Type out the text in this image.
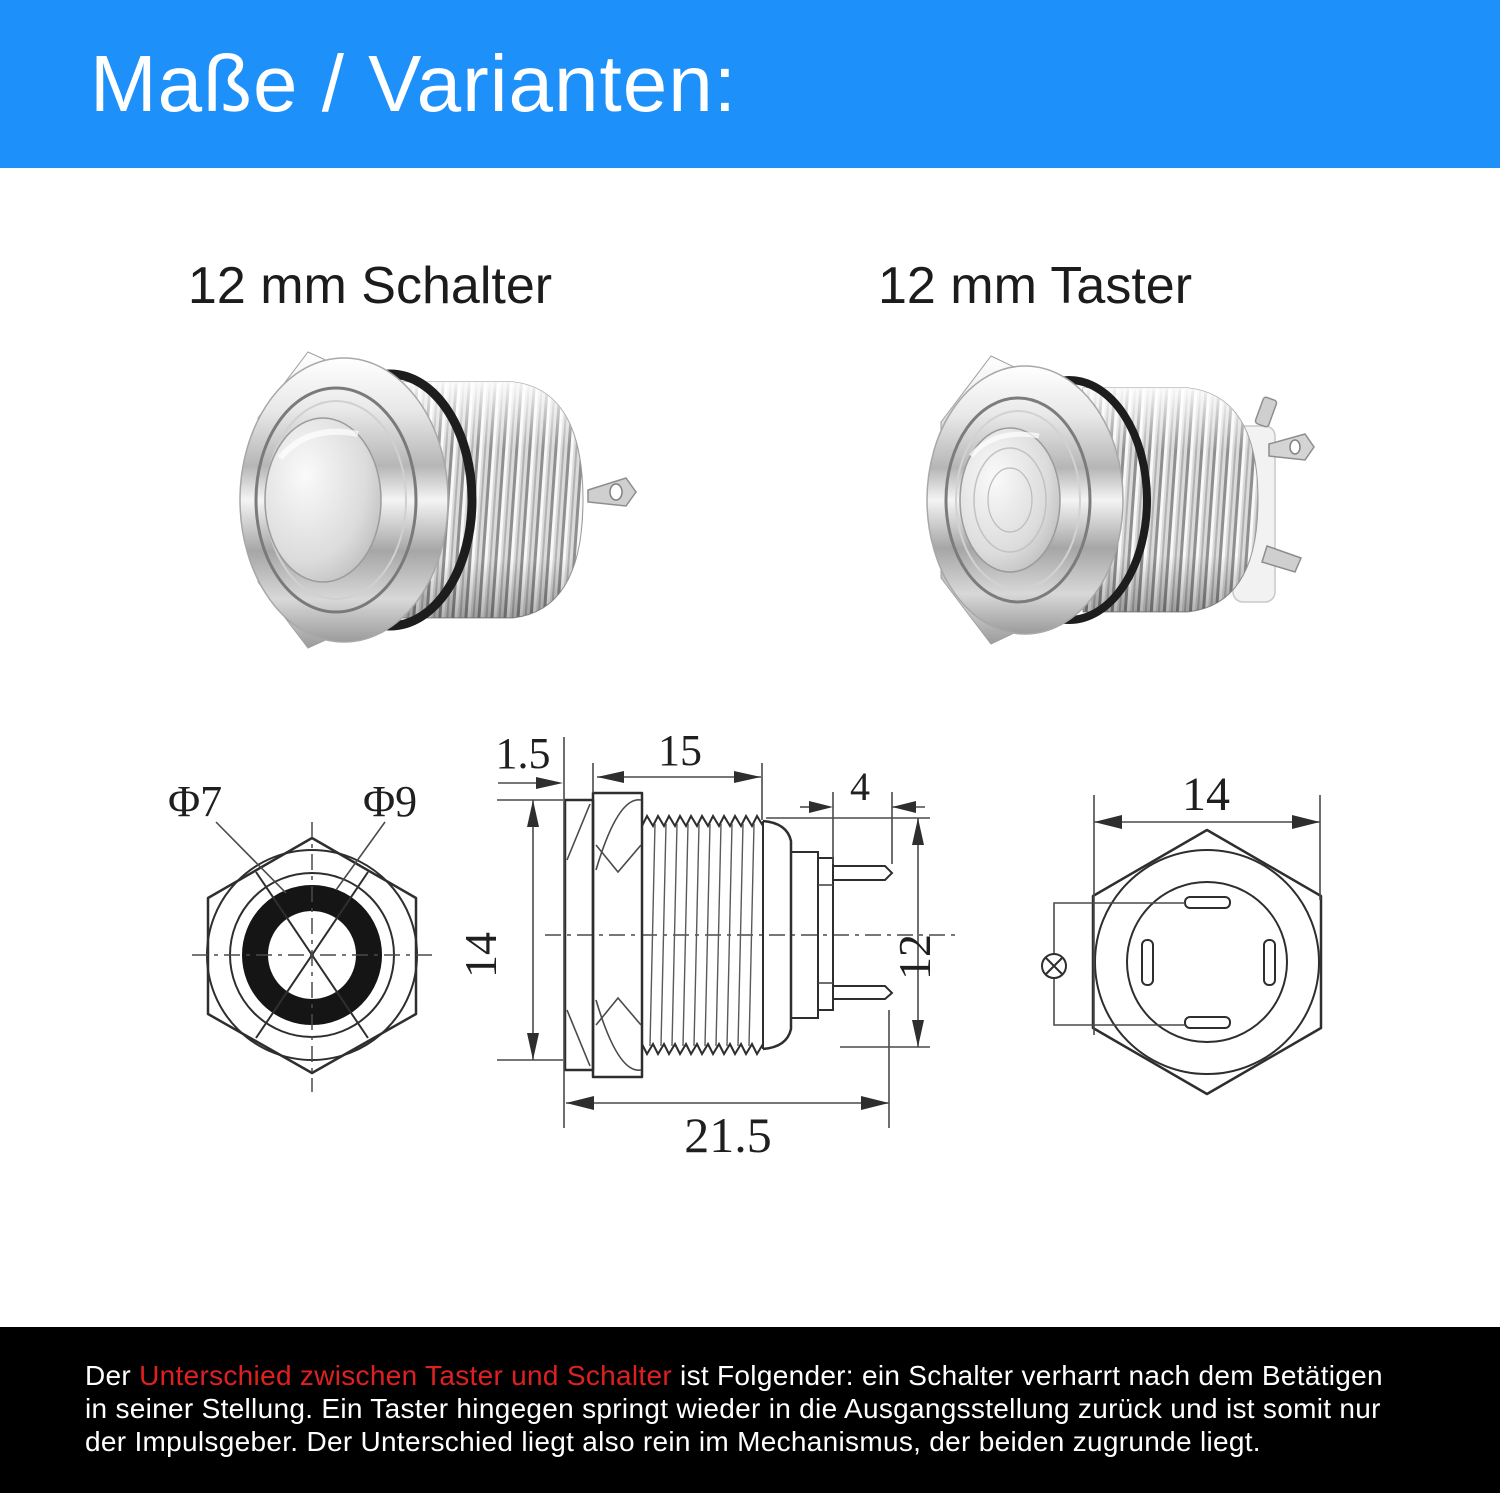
Maße / Varianten:
12 mm Schalter	12 mm Taster
Φ7	Φ9
1.5 15
4
14	12
21.5
14

Der Unterschied zwischen Taster und Schalter ist Folgender: ein Schalter verharrt nach dem Betätigen
in seiner Stellung. Ein Taster hingegen springt wieder in die Ausgangsstellung zurück und ist somit nur
der Impulsgeber. Der Unterschied liegt also rein im Mechanismus, der beiden zugrunde liegt.
